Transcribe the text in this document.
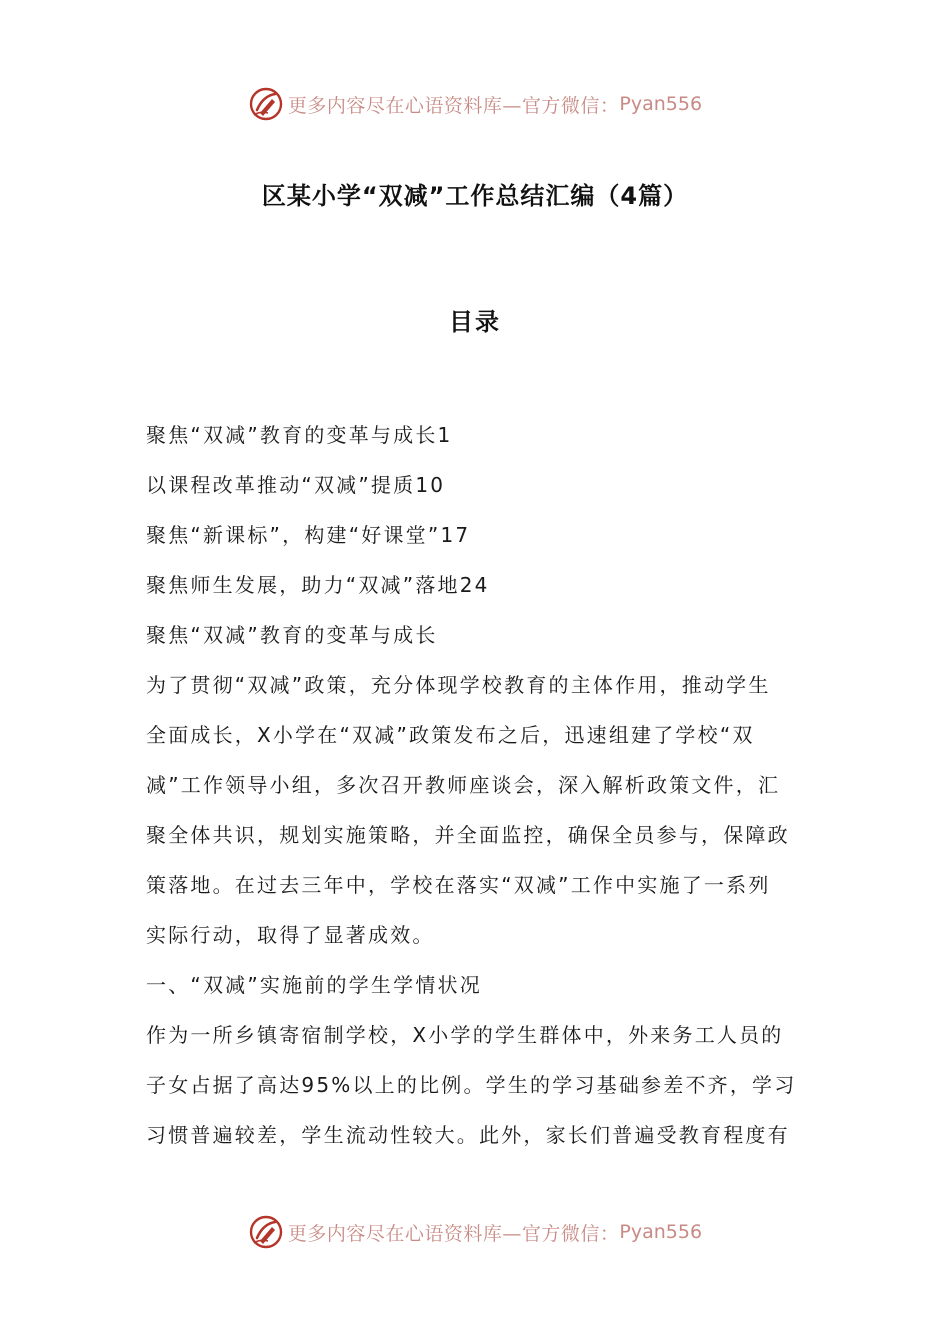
更多内容尽在心语资料库—官方微信： Pyan556
区某小学“双减”工作总结汇编（4篇）
目录
聚焦“双减”教育的变革与成长1
以课程改革推动“双减”提质10
聚焦“新课标”，构建“好课堂”17
聚焦师生发展，助力“双减”落地24
聚焦“双减”教育的变革与成长
为了贯彻“双减”政策，充分体现学校教育的主体作用，推动学生
全面成长，X小学在“双减”政策发布之后，迅速组建了学校“双
减”工作领导小组，多次召开教师座谈会，深入解析政策文件，汇
聚全体共识，规划实施策略，并全面监控，确保全员参与，保障政
策落地。在过去三年中，学校在落实“双减”工作中实施了一系列
实际行动，取得了显著成效。
一、“双减”实施前的学生学情状况
作为一所乡镇寄宿制学校，X小学的学生群体中，外来务工人员的
子女占据了高达95%以上的比例。学生的学习基础参差不齐，学习
习惯普遍较差，学生流动性较大。此外，家长们普遍受教育程度有
更多内容尽在心语资料库—官方微信： Pyan556
